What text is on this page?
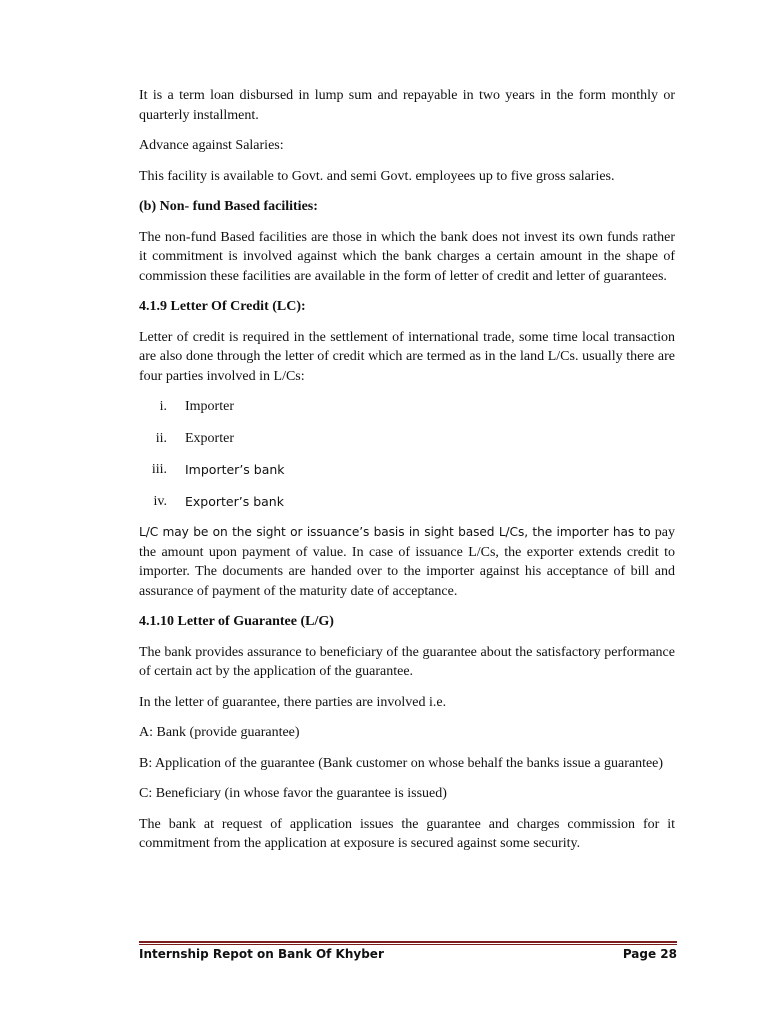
It is a term loan disbursed in lump sum and repayable in two years in the form monthly or quarterly installment.

Advance against Salaries:

This facility is available to Govt. and semi Govt. employees up to five gross salaries.

(b) Non- fund Based facilities:

The non-fund Based facilities are those in which the bank does not invest its own funds rather it commitment is involved against which the bank charges a certain amount in the shape of commission these facilities are available in the form of letter of credit and letter of guarantees.

4.1.9 Letter Of Credit (LC):

Letter of credit is required in the settlement of international trade, some time local transaction are also done through the letter of credit which are termed as in the land L/Cs. usually there are four parties involved in L/Cs:

i.	Importer
ii.	Exporter
iii.	Importer’s bank
iv.	Exporter’s bank

L/C may be on the sight or issuance’s basis in sight based L/Cs, the importer has to pay the amount upon payment of value. In case of issuance L/Cs, the exporter extends credit to importer. The documents are handed over to the importer against his acceptance of bill and assurance of payment of the maturity date of acceptance.

4.1.10 Letter of Guarantee (L/G)

The bank provides assurance to beneficiary of the guarantee about the satisfactory performance of certain act by the application of the guarantee.

In the letter of guarantee, there parties are involved i.e.

A: Bank (provide guarantee)

B: Application of the guarantee (Bank customer on whose behalf the banks issue a guarantee)

C: Beneficiary (in whose favor the guarantee is issued)

The bank at request of application issues the guarantee and charges commission for it commitment from the application at exposure is secured against some security.

Internship Repot on Bank Of Khyber	Page 28
